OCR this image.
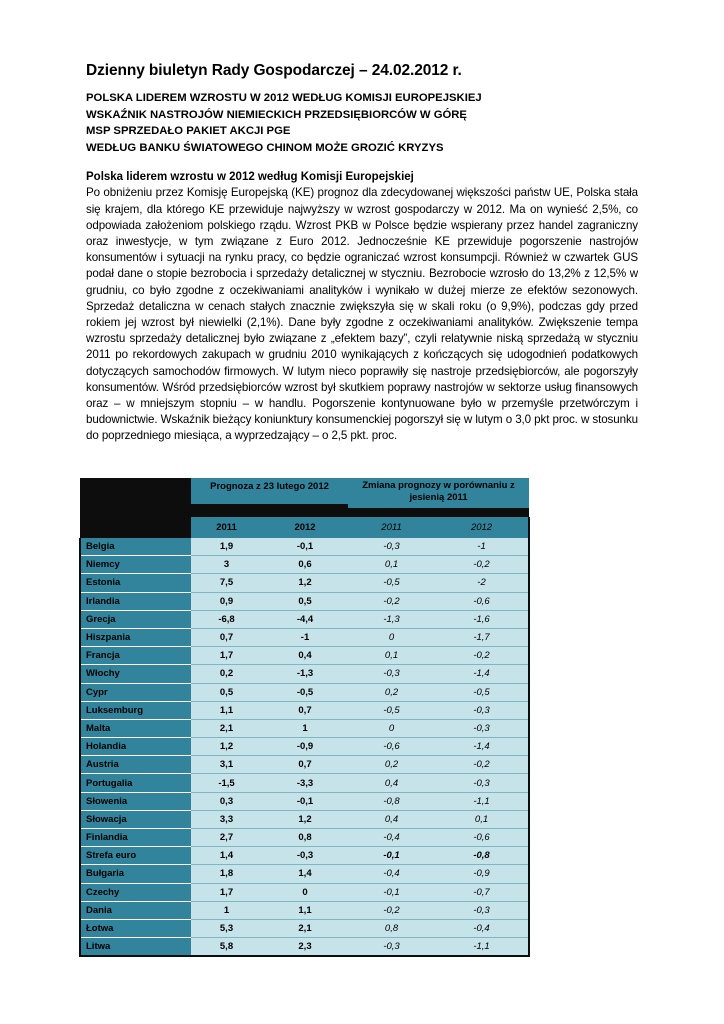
Dzienny biuletyn Rady Gospodarczej – 24.02.2012 r.
POLSKA LIDEREM WZROSTU W 2012 WEDŁUG KOMISJI EUROPEJSKIEJ
WSKAŹNIK NASTROJÓW NIEMIECKICH PRZEDSIĘBIORCÓW W GÓRĘ
MSP SPRZEDAŁO PAKIET AKCJI PGE
WEDŁUG BANKU ŚWIATOWEGO CHINOM MOŻE GROZIĆ KRYZYS
Polska liderem wzrostu w 2012 według Komisji Europejskiej

Po obniżeniu przez Komisję Europejską (KE) prognoz dla zdecydowanej większości państw UE, Polska stała się krajem, dla którego KE przewiduje najwyższy w wzrost gospodarczy w 2012. Ma on wynieść 2,5%, co odpowiada założeniom polskiego rządu. Wzrost PKB w Polsce będzie wspierany przez handel zagraniczny oraz inwestycje, w tym związane z Euro 2012. Jednocześnie KE przewiduje pogorszenie nastrojów konsumentów i sytuacji na rynku pracy, co będzie ograniczać wzrost konsumpcji. Również w czwartek GUS podał dane o stopie bezrobocia i sprzedaży detalicznej w styczniu. Bezrobocie wzrosło do 13,2% z 12,5% w grudniu, co było zgodne z oczekiwaniami analityków i wynikało w dużej mierze ze efektów sezonowych. Sprzedaż detaliczna w cenach stałych znacznie zwiększyła się w skali roku (o 9,9%), podczas gdy przed rokiem jej wzrost był niewielki (2,1%). Dane były zgodne z oczekiwaniami analityków. Zwiększenie tempa wzrostu sprzedaży detalicznej było związane z „efektem bazy”, czyli relatywnie niską sprzedażą w styczniu 2011 po rekordowych zakupach w grudniu 2010 wynikających z kończących się udogodnień podatkowych dotyczących samochodów firmowych. W lutym nieco poprawiły się nastroje przedsiębiorców, ale pogorszyły konsumentów. Wśród przedsiębiorców wzrost był skutkiem poprawy nastrojów w sektorze usług finansowych oraz – w mniejszym stopniu – w handlu. Pogorszenie kontynuowane było w przemyśle przetwórczym i budownictwie. Wskaźnik bieżący koniunktury konsumenckiej pogorszył się w lutym o 3,0 pkt proc. w stosunku do poprzedniego miesiąca, a wyprzedzający – o 2,5 pkt. proc.

	Prognoza z 23 lutego 2012		Zmiana prognozy w porównaniu z jesienią 2011	

	2011	2012	2011	2012
Belgia	1,9	-0,1	-0,3	-1
Niemcy	3	0,6	0,1	-0,2
Estonia	7,5	1,2	-0,5	-2
Irlandia	0,9	0,5	-0,2	-0,6
Grecja	-6,8	-4,4	-1,3	-1,6
Hiszpania	0,7	-1	0	-1,7
Francja	1,7	0,4	0,1	-0,2
Włochy	0,2	-1,3	-0,3	-1,4
Cypr	0,5	-0,5	0,2	-0,5
Luksemburg	1,1	0,7	-0,5	-0,3
Malta	2,1	1	0	-0,3
Holandia	1,2	-0,9	-0,6	-1,4
Austria	3,1	0,7	0,2	-0,2
Portugalia	-1,5	-3,3	0,4	-0,3
Słowenia	0,3	-0,1	-0,8	-1,1
Słowacja	3,3	1,2	0,4	0,1
Finlandia	2,7	0,8	-0,4	-0,6
Strefa euro	1,4	-0,3	-0,1	-0,8
Bułgaria	1,8	1,4	-0,4	-0,9
Czechy	1,7	0	-0,1	-0,7
Dania	1	1,1	-0,2	-0,3
Łotwa	5,3	2,1	0,8	-0,4
Litwa	5,8	2,3	-0,3	-1,1
